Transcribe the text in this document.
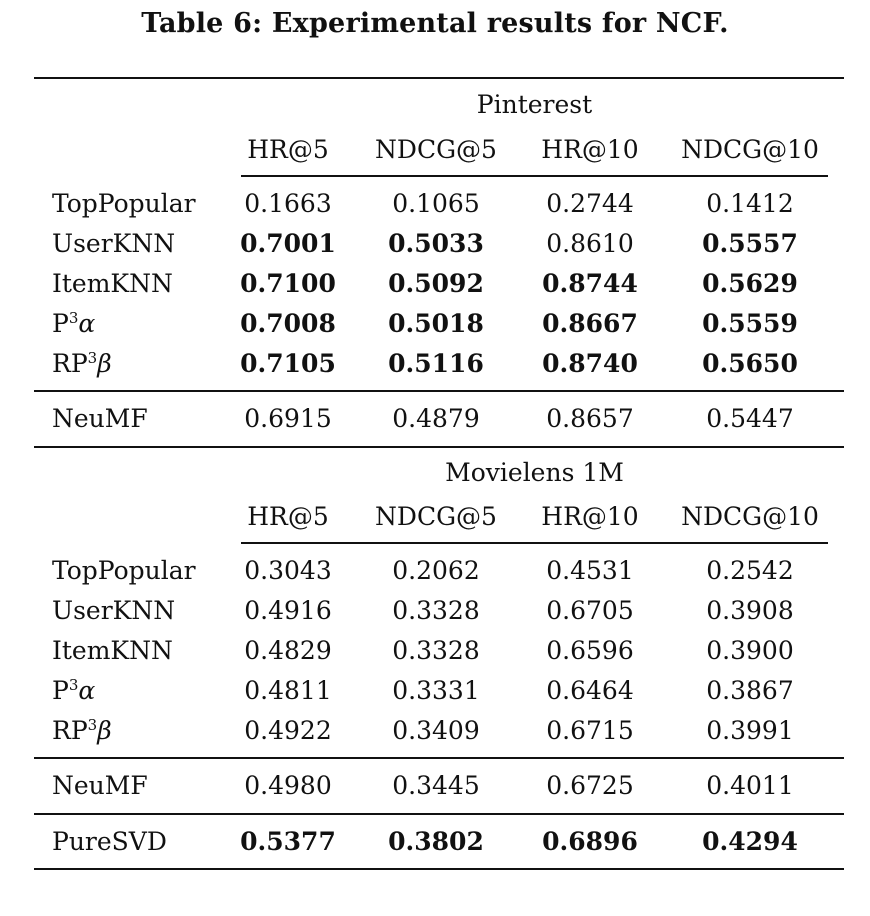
Table 6: Experimental results for NCF.
Pinterest
HR@5	NDCG@5	HR@10	NDCG@10
TopPopular	0.1663	0.1065	0.2744	0.1412
UserKNN	0.7001	0.5033	0.8610	0.5557
ItemKNN	0.7100	0.5092	0.8744	0.5629
$P^3\alpha$	0.7008	0.5018	0.8667	0.5559
$RP^3\beta$	0.7105	0.5116	0.8740	0.5650
NeuMF	0.6915	0.4879	0.8657	0.5447
Movielens 1M
HR@5	NDCG@5	HR@10	NDCG@10
TopPopular	0.3043	0.2062	0.4531	0.2542
UserKNN	0.4916	0.3328	0.6705	0.3908
ItemKNN	0.4829	0.3328	0.6596	0.3900
$P^3\alpha$	0.4811	0.3331	0.6464	0.3867
$RP^3\beta$	0.4922	0.3409	0.6715	0.3991
NeuMF	0.4980	0.3445	0.6725	0.4011
PureSVD	0.5377	0.3802	0.6896	0.4294
